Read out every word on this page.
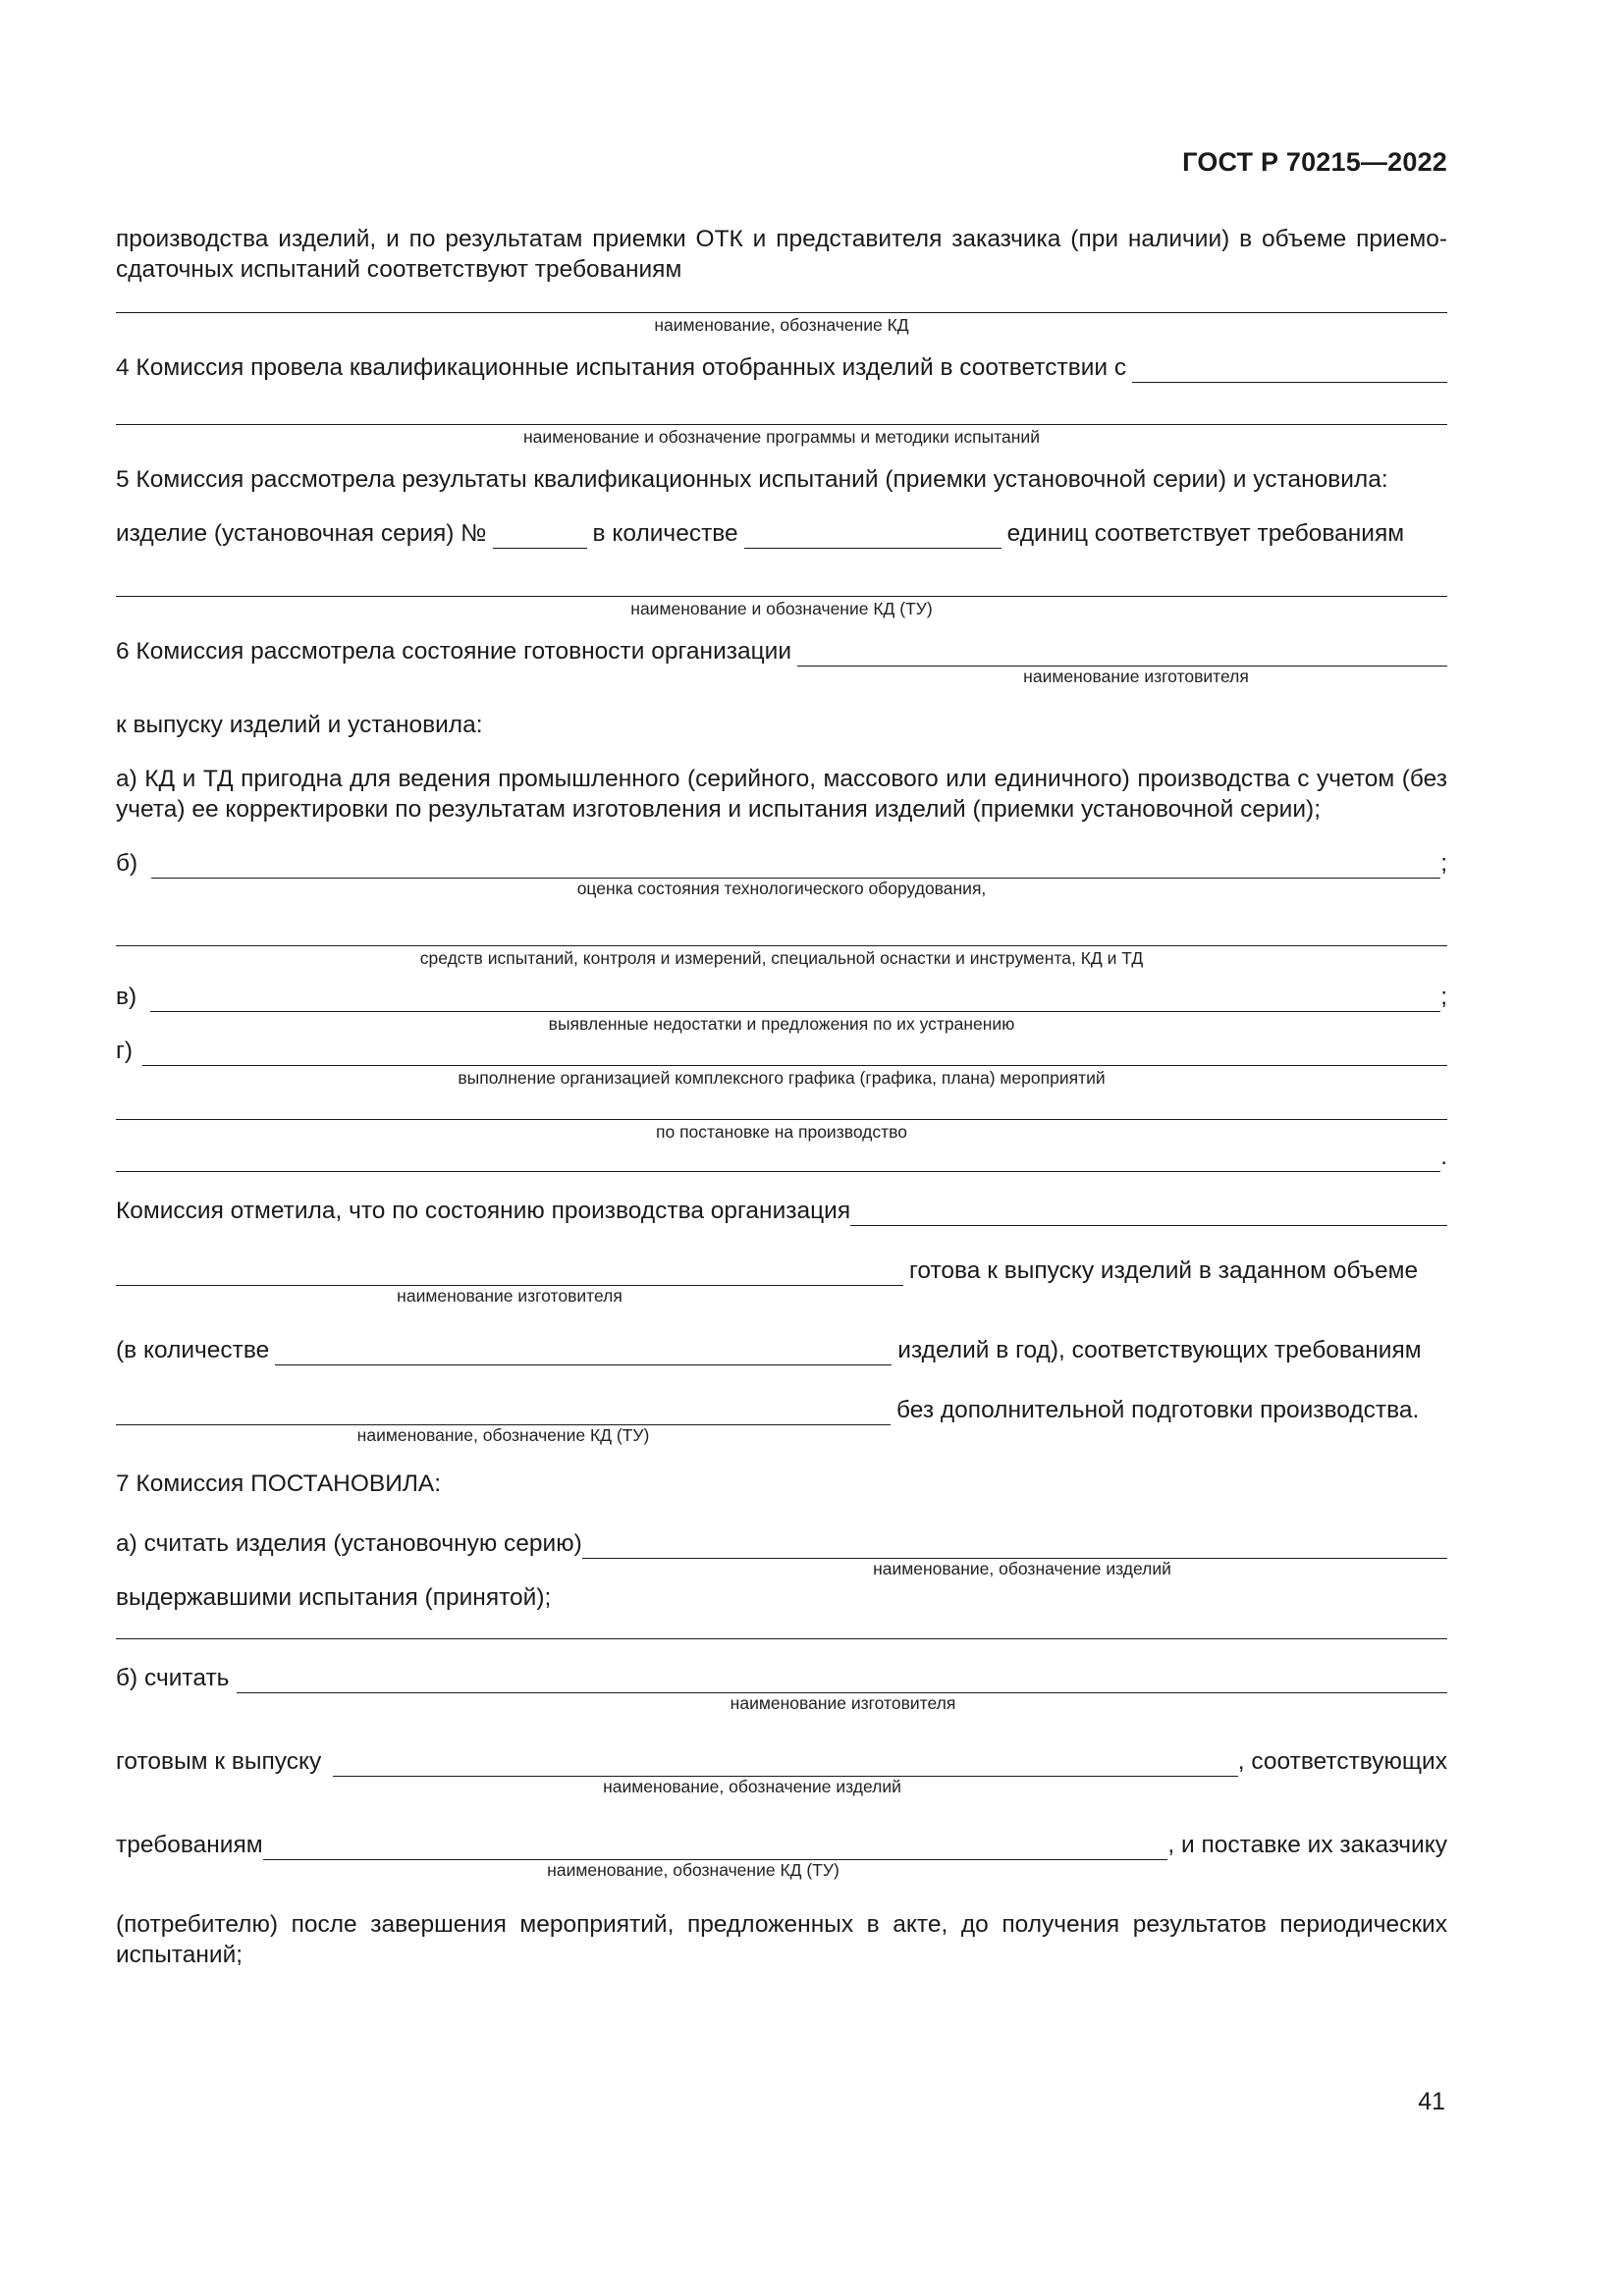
ГОСТ Р 70215—2022

производства изделий, и по результатам приемки ОТК и представителя заказчика (при наличии) в объеме приемо-сдаточных испытаний соответствуют требованиям

наименование, обозначение КД
4 Комиссия провела квалификационные испытания отобранных изделий в соответствии с
наименование и обозначение программы и методики испытаний

5 Комиссия рассмотрела результаты квалификационных испытаний (приемки установочной серии) и установила:

изделие (установочная серия) №	в количестве	единиц соответствует требованиям
наименование и обозначение КД (ТУ)
6 Комиссия рассмотрела состояние готовности организации
наименование изготовителя

к выпуску изделий и установила:

а) КД и ТД пригодна для ведения промышленного (серийного, массового или единичного) производства с учетом (без учета) ее корректировки по результатам изготовления и испытания изделий (приемки установочной серии);

б)	;
оценка состояния технологического оборудования,
средств испытаний, контроля и измерений, специальной оснастки и инструмента, КД и ТД
в)	;
выявленные недостатки и предложения по их устранению
г)
выполнение организацией комплексного графика (графика, плана) мероприятий
по постановке на производство
.
Комиссия отметила, что по состоянию производства организация
готова к выпуску изделий в заданном объеме
наименование изготовителя
(в количестве	изделий в год), соответствующих требованиям
без дополнительной подготовки производства.
наименование, обозначение КД (ТУ)

7 Комиссия ПОСТАНОВИЛА:

а) считать изделия (установочную серию)
наименование, обозначение изделий

выдержавшими испытания (принятой);

б) считать
наименование изготовителя
готовым к выпуску	, соответствующих
наименование, обозначение изделий
требованиям	, и поставке их заказчику
наименование, обозначение КД (ТУ)

(потребителю) после завершения мероприятий, предложенных в акте, до получения результатов периодических испытаний;

41
